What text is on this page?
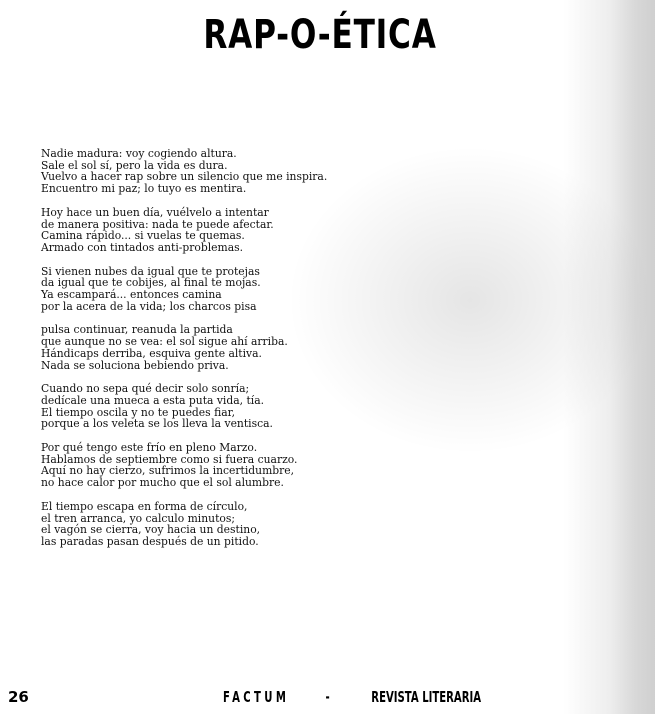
RAP-O-ÉTICA
Nadie madura: voy cogiendo altura.
Sale el sol sí, pero la vida es dura.
Vuelvo a hacer rap sobre un silencio que me inspira.
Encuentro mi paz; lo tuyo es mentira.
Hoy hace un buen día, vuélvelo a intentar
de manera positiva: nada te puede afectar.
Camina rápido... si vuelas te quemas.
Armado con tintados anti-problemas.
Si vienen nubes da igual que te protejas
da igual que te cobijes, al final te mojas.
Ya escampará... entonces camina
por la acera de la vida; los charcos pisa
pulsa continuar, reanuda la partida
que aunque no se vea: el sol sigue ahí arriba.
Hándicaps derriba, esquiva gente altiva.
Nada se soluciona bebiendo priva.
Cuando no sepa qué decir solo sonría;
dedícale una mueca a esta puta vida, tía.
El tiempo oscila y no te puedes fiar,
porque a los veleta se los lleva la ventisca.
Por qué tengo este frío en pleno Marzo.
Hablamos de septiembre como si fuera cuarzo.
Aquí no hay cierzo, sufrimos la incertidumbre,
no hace calor por mucho que el sol alumbre.
El tiempo escapa en forma de círculo,
el tren arranca, yo calculo minutos;
el vagón se cierra, voy hacia un destino,
las paradas pasan después de un pitido.
26	FACTUM -	REVISTA LITERARIA
